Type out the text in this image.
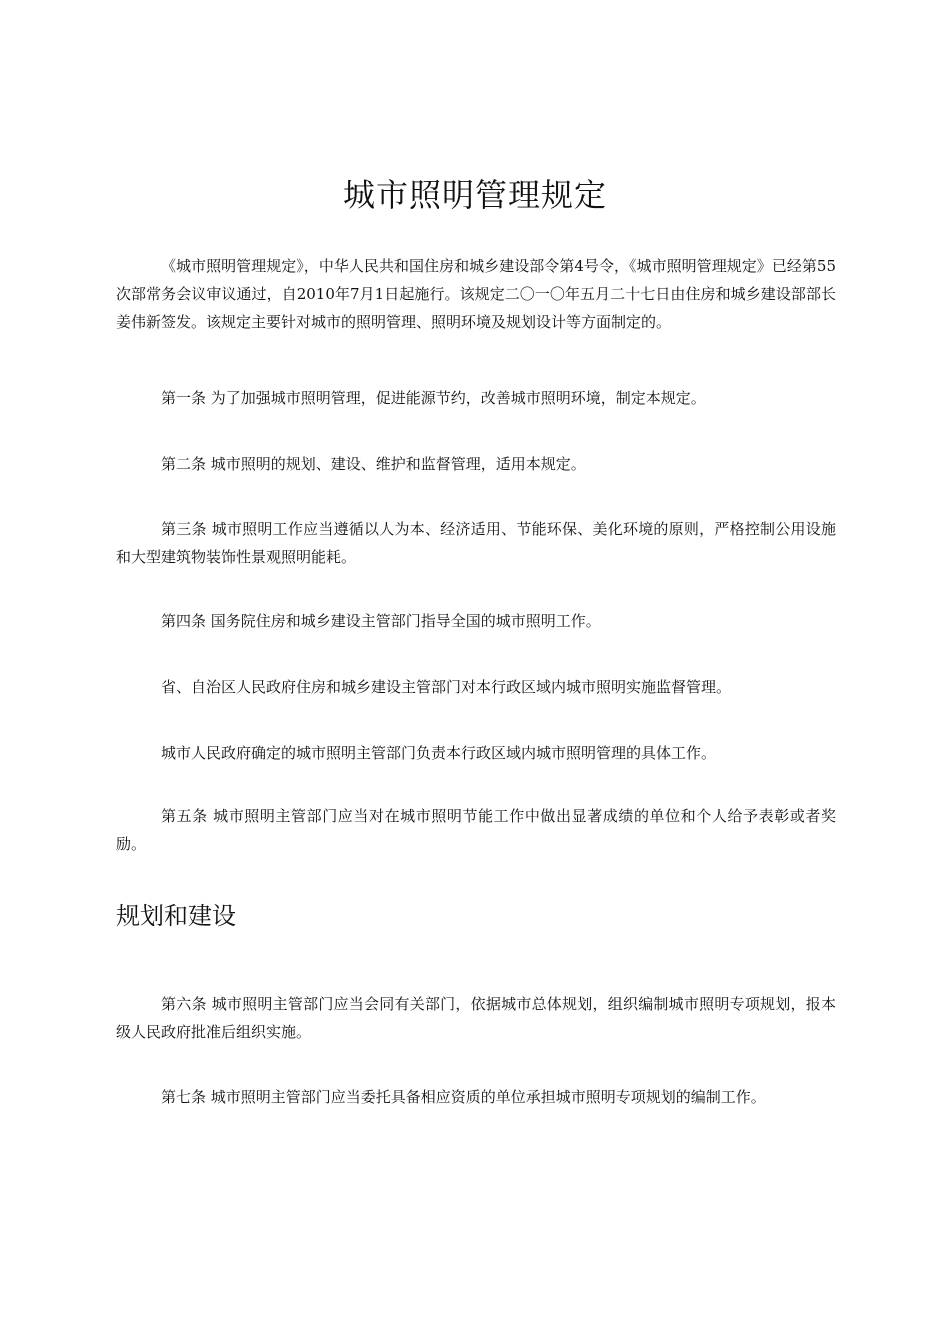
城市照明管理规定

《城市照明管理规定》，中华人民共和国住房和城乡建设部令第4号令，《城市照明管理规定》已经第55次部常务会议审议通过，自2010年7月1日起施行。该规定二〇一〇年五月二十七日由住房和城乡建设部部长姜伟新签发。该规定主要针对城市的照明管理、照明环境及规划设计等方面制定的。

第一条 为了加强城市照明管理，促进能源节约，改善城市照明环境，制定本规定。

第二条 城市照明的规划、建设、维护和监督管理，适用本规定。

第三条 城市照明工作应当遵循以人为本、经济适用、节能环保、美化环境的原则，严格控制公用设施和大型建筑物装饰性景观照明能耗。

第四条 国务院住房和城乡建设主管部门指导全国的城市照明工作。

省、自治区人民政府住房和城乡建设主管部门对本行政区域内城市照明实施监督管理。

城市人民政府确定的城市照明主管部门负责本行政区域内城市照明管理的具体工作。

第五条 城市照明主管部门应当对在城市照明节能工作中做出显著成绩的单位和个人给予表彰或者奖励。

规划和建设

第六条 城市照明主管部门应当会同有关部门，依据城市总体规划，组织编制城市照明专项规划，报本级人民政府批准后组织实施。

第七条 城市照明主管部门应当委托具备相应资质的单位承担城市照明专项规划的编制工作。
